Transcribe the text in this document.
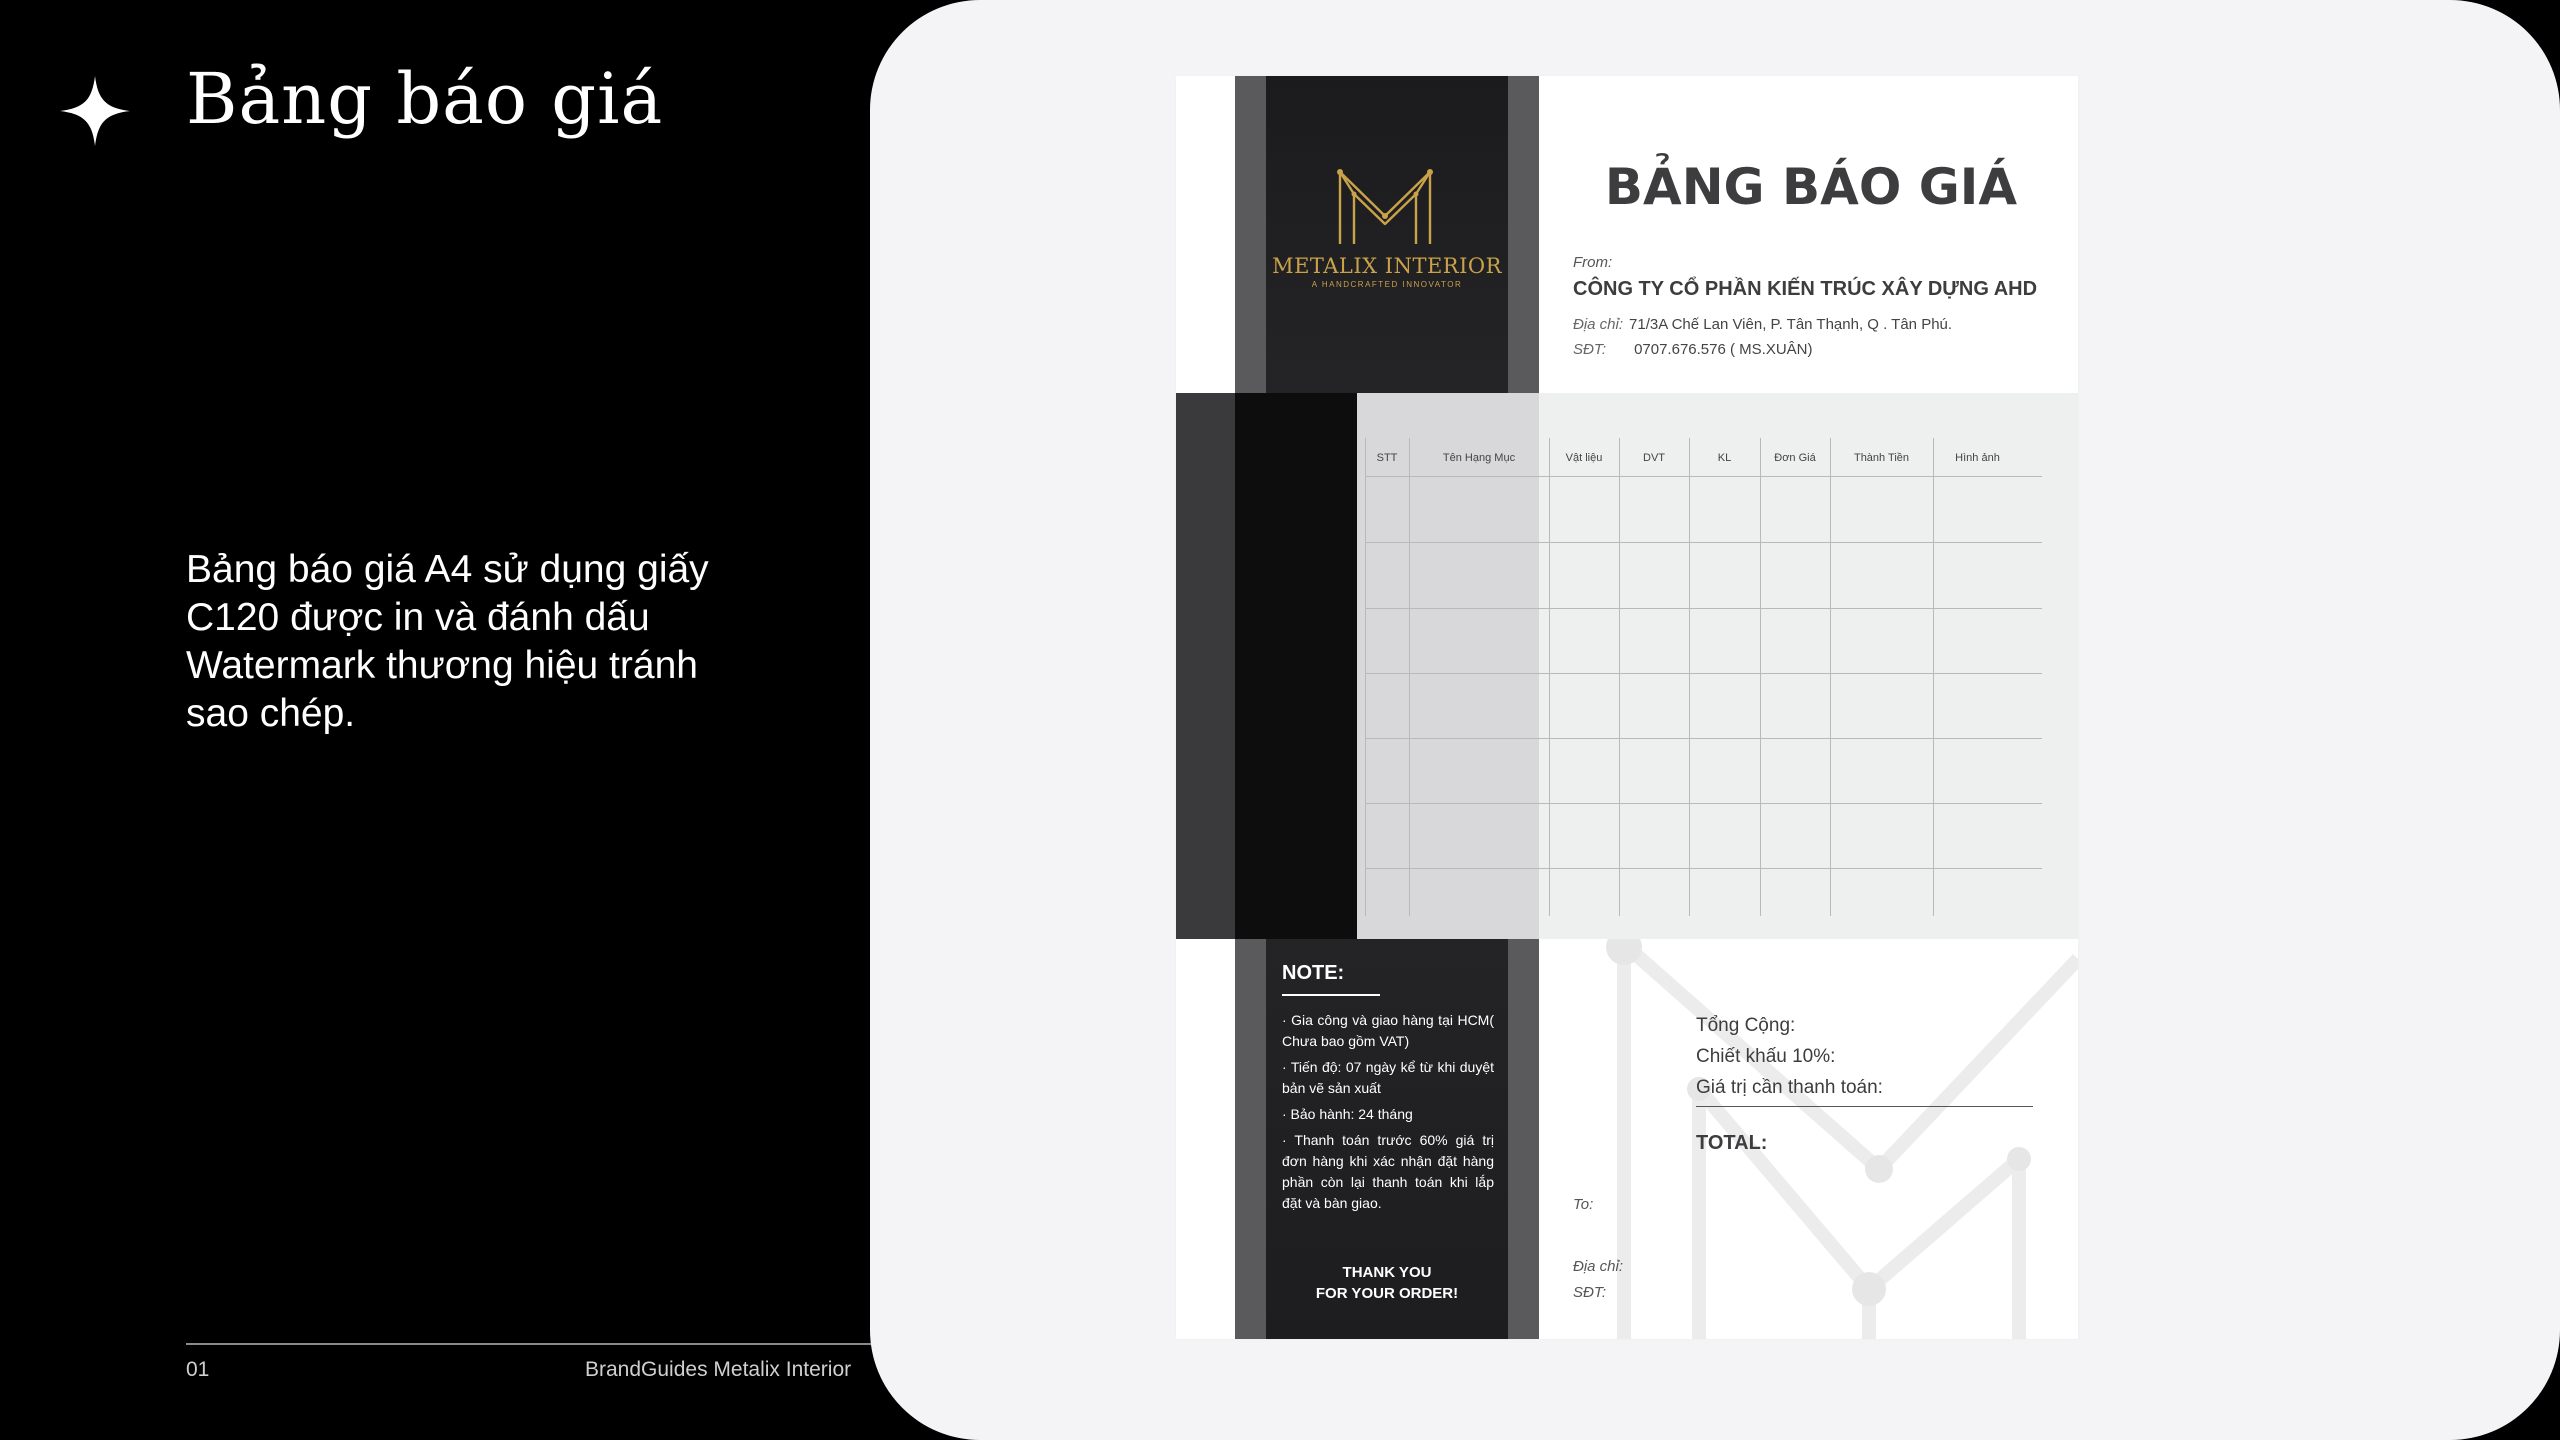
Bảng báo giá
Bảng báo giá A4 sử dụng giấy C120 được in và đánh dấu Watermark thương hiệu tránh sao chép.
01	BrandGuides Metalix Interior
METALIX INTERIOR
A HANDCRAFTED INNOVATOR
BẢNG BÁO GIÁ
From:
CÔNG TY CỔ PHẦN KIẾN TRÚC XÂY DỰNG AHD
Địa chỉ: 71/3A Chế Lan Viên, P. Tân Thạnh, Q . Tân Phú.
SĐT: 0707.676.576 ( MS.XUÂN)
STT	Tên Hạng Mục	Vật liệu	DVT	KL	Đơn Giá	Thành Tiền	Hình ảnh
NOTE:

· Gia công và giao hàng tại HCM( Chưa bao gồm VAT)

· Tiến độ: 07 ngày kể từ khi duyệt bản vẽ sản xuất

· Bảo hành: 24 tháng

· Thanh toán trước 60% giá trị đơn hàng khi xác nhận đặt hàng phần còn lại thanh toán khi lắp đặt và bàn giao.

THANK YOU
FOR YOUR ORDER!
Tổng Cộng:
Chiết khấu 10%:
Giá trị cần thanh toán:
TOTAL:
To:
Địa chỉ:
SĐT:
